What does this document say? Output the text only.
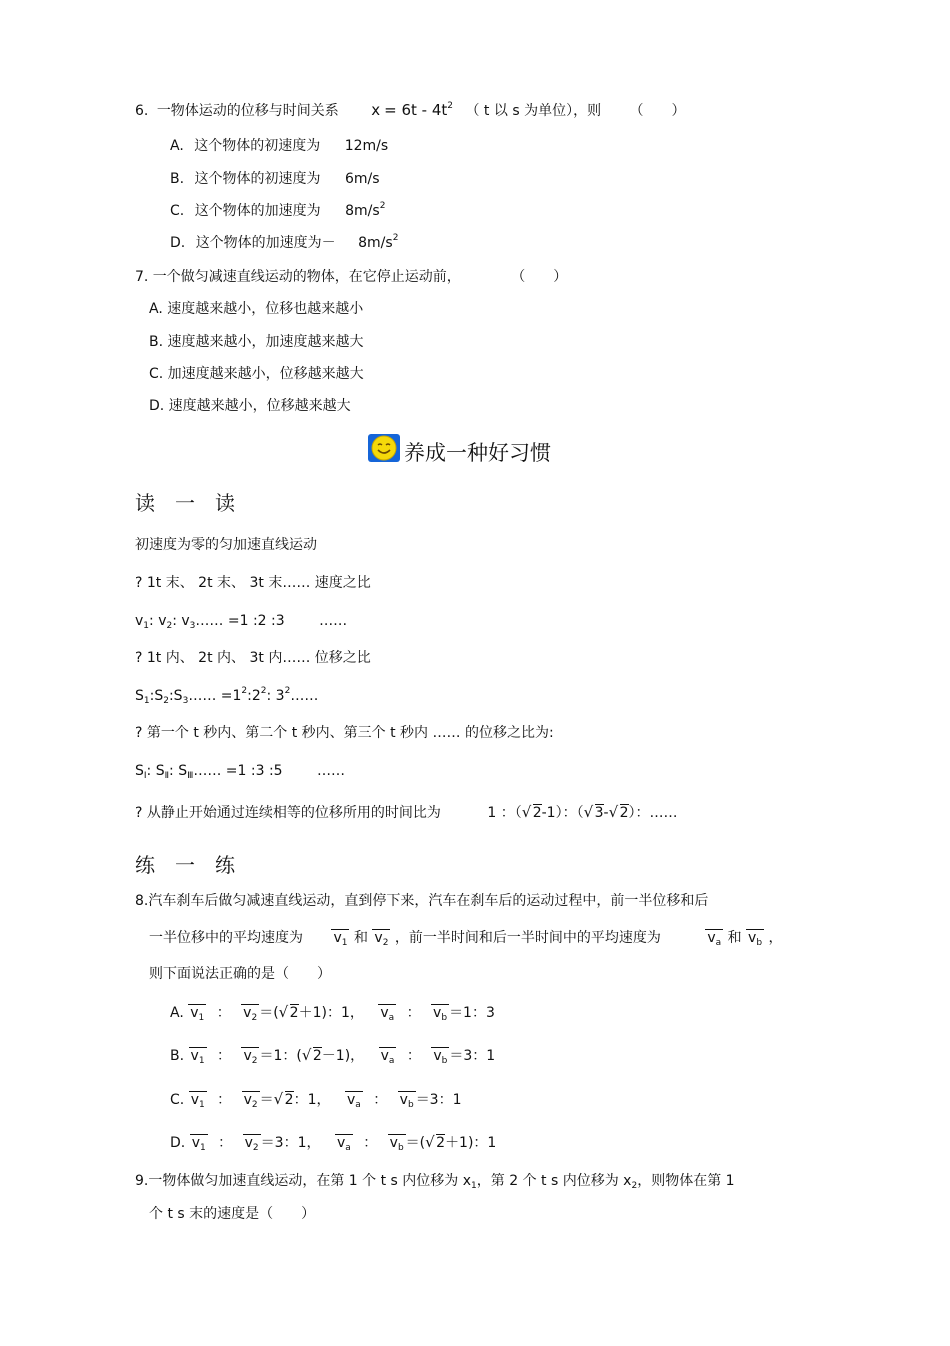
6. 一物体运动的位移与时间关系 $x = 6t - 4t^2$ （ t 以 s 为单位），则 （　　）
A. 这个物体的初速度为 12m/s
B. 这个物体的初速度为 6m/s
C. 这个物体的加速度为 $8m/s^2$
D. 这个物体的加速度为－ $8m/s^2$
7. 一个做匀减速直线运动的物体，在它停止运动前，	（　　）
A. 速度越来越小，位移也越来越小
B. 速度越来越小，加速度越来越大
C. 加速度越来越小，位移越来越大
D. 速度越来越小，位移越来越大
养成一种好习惯
读　一　读
初速度为零的匀加速直线运动
? 1t 末、 2t 末、 3t 末…… 速度之比
$v_1$: $v_2$: $v_3\dots\dots =1$ :2 :3 ……
? 1t 内、 2t 内、 3t 内…… 位移之比
$S_1:S_2:S_3\dots\dots$ $=1^2:2^2$: $3^2\dots\dots$
? 第一个 t 秒内、第二个 t 秒内、第三个 t 秒内 …… 的位移之比为:
$S_Ⅰ$: $S_Ⅱ$: $S_Ⅲ\dots\dots =1$ :3 :5 ……
? 从静止开始通过连续相等的位移所用的时间比为	1 ：（ √ 2-1）：（ √ 3- √ 2）：……
练　一　练
8.汽车刹车后做匀减速直线运动，直到停下来，汽车在刹车后的运动过程中，前一半位移和后
一半位移中的平均速度为 $v_1$ 和 $v_2$ ，前一半时间和后一半时间中的平均速度为	$v_a$ 和 $v_b$ ，
则下面说法正确的是（　　）
A. $v_1$ ： $v_2$ ＝( √ 2＋1)：1， $v_a$ ： $v_b =1$：3
B. $v_1$ ： $v_2 =1$：( √ 2－1)， $v_a$ ： $v_b =3$：1
C. $v_1$ ： $v_2$ ＝ √ 2：1， $v_a$ ： $v_b =3$：1
D. $v_1$ ： $v_2 =3$：1， $v_a$ ： $v_b$ ＝( √ 2＋1)：1
9.一物体做匀加速直线运动，在第 1 个 t s 内位移为 $x_1$，第 2 个 t s 内位移为 $x_2$，则物体在第 1
个 t s 末的速度是（　　）
